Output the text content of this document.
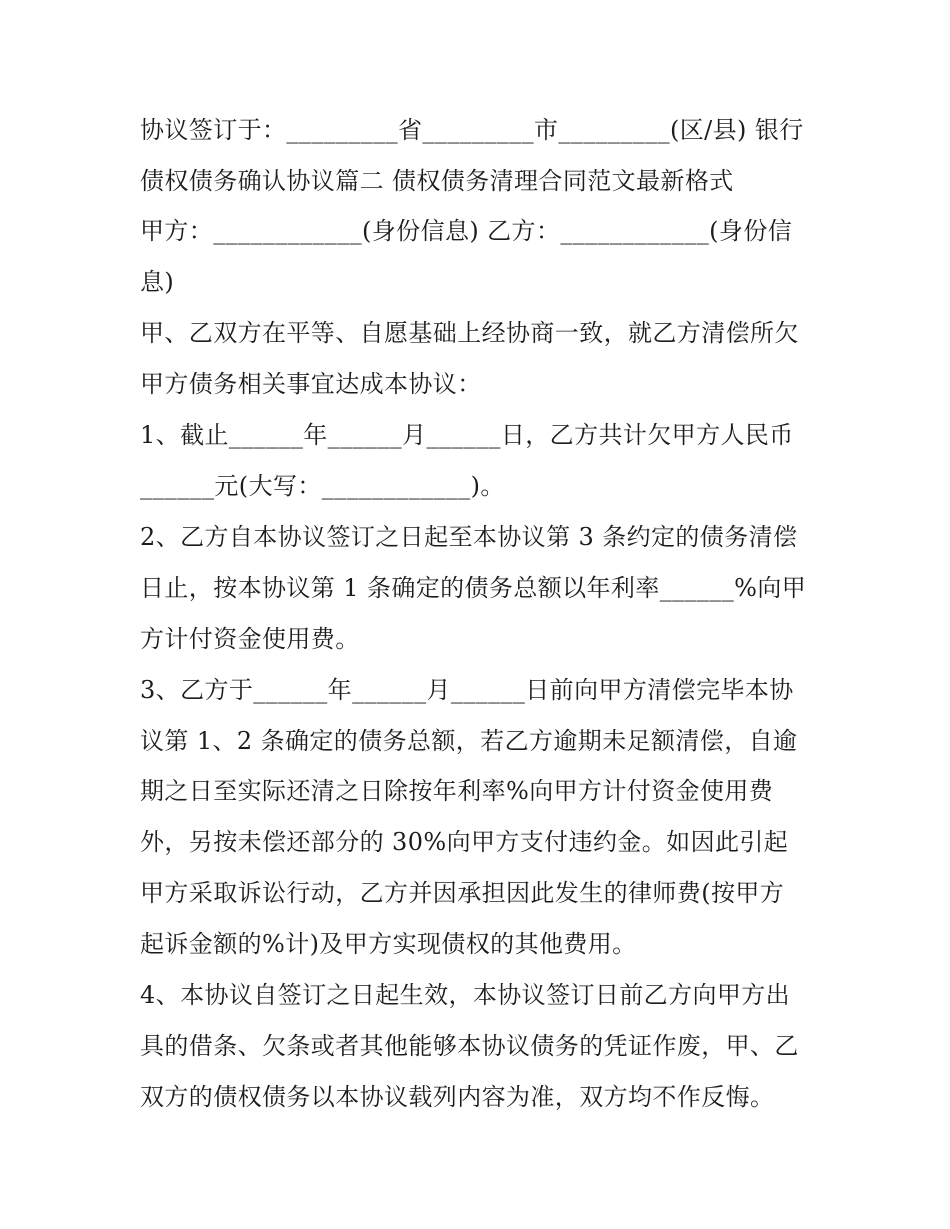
协议签订于：_________省_________市_________(区/县) 银行
债权债务确认协议篇二 债权债务清理合同范文最新格式
甲方：____________(身份信息) 乙方：____________(身份信
息)
甲、乙双方在平等、自愿基础上经协商一致，就乙方清偿所欠
甲方债务相关事宜达成本协议：
1、截止______年______月______日，乙方共计欠甲方人民币
______元(大写：____________)。
2、乙方自本协议签订之日起至本协议第 3 条约定的债务清偿
日止，按本协议第 1 条确定的债务总额以年利率______%向甲
方计付资金使用费。
3、乙方于______年______月______日前向甲方清偿完毕本协
议第 1、2 条确定的债务总额，若乙方逾期未足额清偿，自逾
期之日至实际还清之日除按年利率%向甲方计付资金使用费
外，另按未偿还部分的 30%向甲方支付违约金。如因此引起
甲方采取诉讼行动，乙方并因承担因此发生的律师费(按甲方
起诉金额的%计)及甲方实现债权的其他费用。
4、本协议自签订之日起生效，本协议签订日前乙方向甲方出
具的借条、欠条或者其他能够本协议债务的凭证作废，甲、乙
双方的债权债务以本协议载列内容为准，双方均不作反悔。
